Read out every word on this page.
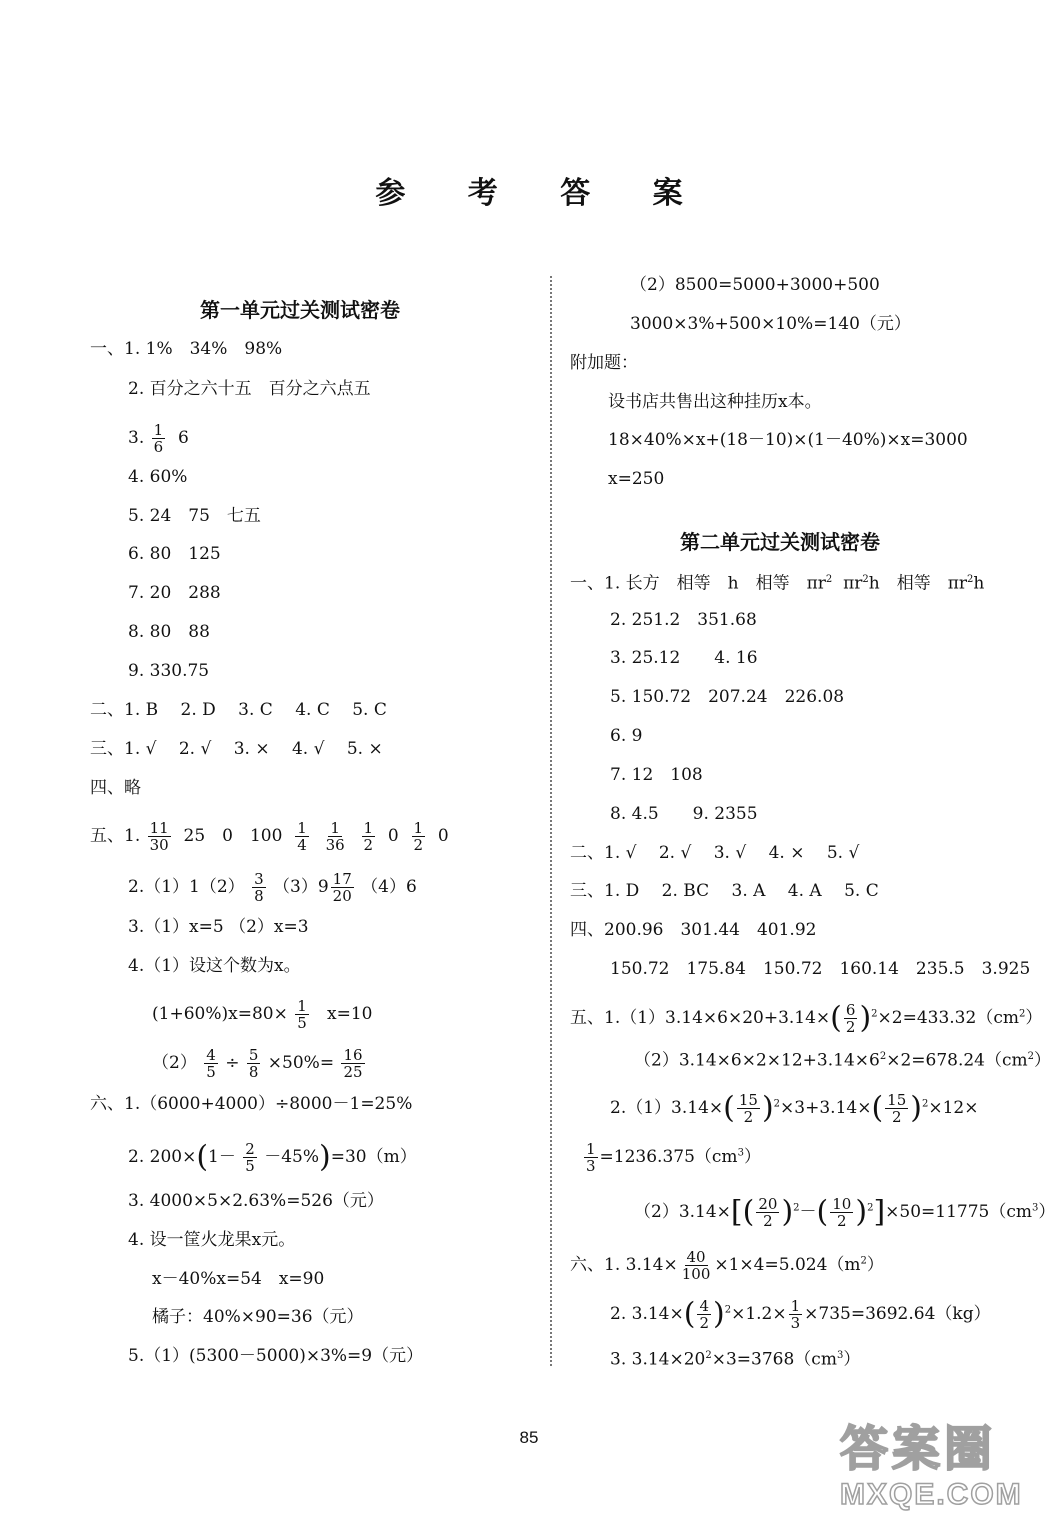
参 考 答 案
第一单元过关测试密卷
一、1. 1%　34%　98%
2. 百分之六十五　百分之六点五
3. $\frac{1}{6} 6$
4. 60%
5. 24　75　七五
6. 80　125
7. 20　288
8. 80　88
9. 330.75
二、1. B　 2. D　 3. C　 4. C　 5. C
三、1. √　 2. √　 3. ×　 4. √　 5. ×
四、略
五、1. $\frac{11}{30} 25$　0　$100 \frac{1}{4}$
$\frac{1}{36}$
$\frac{1}{2} 0 \frac{1}{2} 0$
$2.(1)1(2) \frac{3}{8} (3)9 \frac{17}{20} (4)6$
3.（1）x=5 （2）x=3
4.（1）设这个数为x。
$(1+60\%)x=80\times \frac{1}{5} x=10$
$(2) \frac{4}{5} \div \frac{5}{8} \times 50\%= \frac{16}{25}$
六、1.（6000+4000）÷8000－1=25%
2. $200\times(1- \frac{2}{5} -45\%)=30(m)$
3. 4000×5×2.63%=526（元）
4. 设一筐火龙果x元。
x－40%x=54　x=90
橘子：40%×90=36（元）
5.（1）(5300－5000)×3%=9（元）
（2）8500=5000+3000+500
3000×3%+500×10%=140（元）
附加题：
设书店共售出这种挂历x本。
18×40%×x+(18－10)×(1－40%)×x=3000
x=250
第二单元过关测试密卷
一、1. 长方　相等　h　相等　$\pi r^2$ $\pi r^2h$　相等　$\pi r^2h$
2. 251.2　351.68
3. 25.12　　4. 16
5. 150.72　207.24　226.08
6. 9
7. 12　108
8. 4.5　　9. 2355
二、1. √　 2. √　 3. √　 4. ×　 5. √
三、1. D　 2. BC　 3. A　 4. A　 5. C
四、200.96　301.44　401.92
150.72　175.84　150.72　160.14　235.5　3.925
五、$1.(1)3.14\times 6\times 20+3.14\times( \frac{6}{2} )^2\times 2=433.32(cm^2)$
$(2)3.14\times 6\times 2\times 12+3.14\times 6^2\times 2=678.24(cm^2)$
$2.(1)3.14\times( \frac{15}{2} )^2\times 3+3.14\times( \frac{15}{2} )^2\times 12\times$
$\frac{1}{3} =1236.375(cm^3)$
$(2)3.14\times[( \frac{20}{2} )^2-( \frac{10}{2} )^2]\times 50=11775(cm^3)$
六、1. $3.14\times \frac{40}{100} \times 1\times 4=5.024(m^2)$
2. $3.14\times( \frac{4}{2} )^2\times 1.2\times \frac{1}{3} \times 735=3692.64(kg)$
3. $3.14\times 20^2\times 3=3768(cm^3)$
85	答案圈
MXQE.COM
